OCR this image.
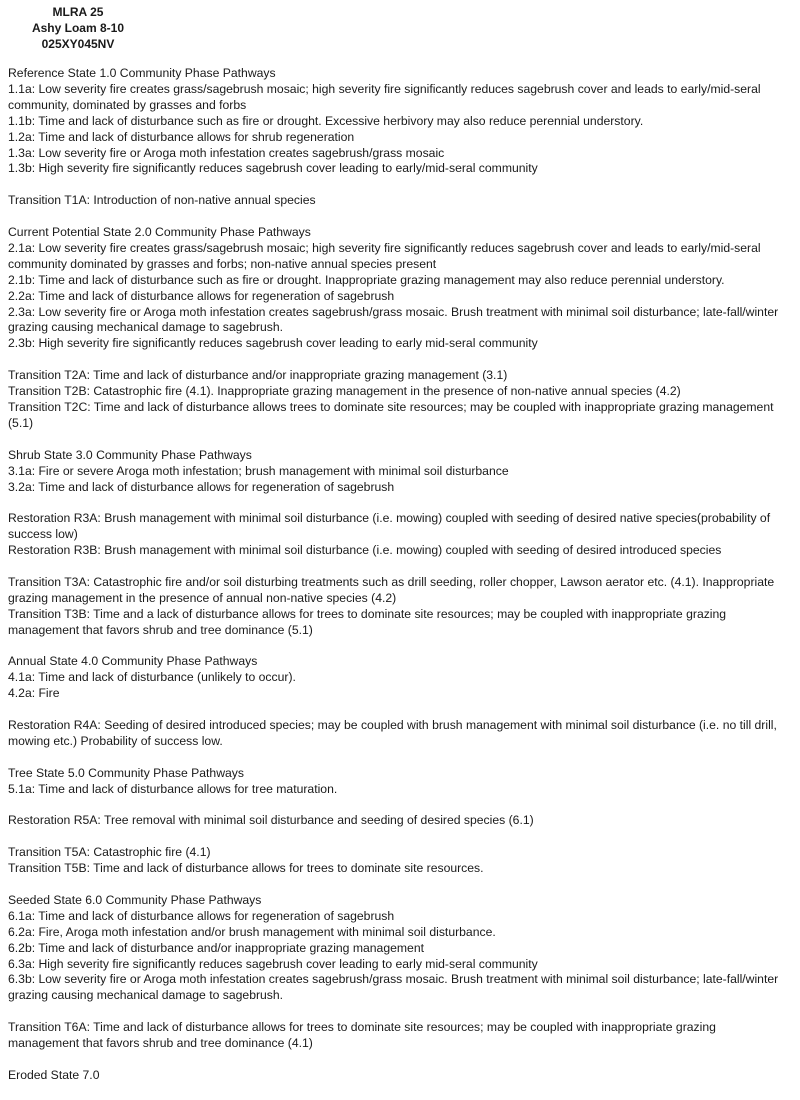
MLRA 25
Ashy Loam 8-10
025XY045NV
Reference State 1.0 Community Phase Pathways
1.1a: Low severity fire creates grass/sagebrush mosaic; high severity fire significantly reduces sagebrush cover and leads to early/mid-seral community, dominated by grasses and forbs
1.1b: Time and lack of disturbance such as fire or drought. Excessive herbivory may also reduce perennial understory.
1.2a: Time and lack of disturbance allows for shrub regeneration
1.3a: Low severity fire or Aroga moth infestation creates sagebrush/grass mosaic
1.3b: High severity fire significantly reduces sagebrush cover leading to early/mid-seral community
Transition T1A: Introduction of non-native annual species
Current Potential State 2.0 Community Phase Pathways
2.1a: Low severity fire creates grass/sagebrush mosaic; high severity fire significantly reduces sagebrush cover and leads to early/mid-seral community dominated by grasses and forbs; non-native annual species present
2.1b: Time and lack of disturbance such as fire or drought. Inappropriate grazing management may also reduce perennial understory.
2.2a: Time and lack of disturbance allows for regeneration of sagebrush
2.3a: Low severity fire or Aroga moth infestation creates sagebrush/grass mosaic. Brush treatment with minimal soil disturbance; late-fall/winter grazing causing mechanical damage to sagebrush.
2.3b: High severity fire significantly reduces sagebrush cover leading to early mid-seral community
Transition T2A: Time and lack of disturbance and/or inappropriate grazing management (3.1)
Transition T2B: Catastrophic fire (4.1). Inappropriate grazing management in the presence of non-native annual species (4.2)
Transition T2C: Time and lack of disturbance allows trees to dominate site resources; may be coupled with inappropriate grazing management (5.1)
Shrub State 3.0 Community Phase Pathways
3.1a: Fire or severe Aroga moth infestation; brush management with minimal soil disturbance
3.2a: Time and lack of disturbance allows for regeneration of sagebrush
Restoration R3A: Brush management with minimal soil disturbance (i.e. mowing) coupled with seeding of desired native species(probability of success low)
Restoration R3B: Brush management with minimal soil disturbance (i.e. mowing) coupled with seeding of desired introduced species
Transition T3A: Catastrophic fire and/or soil disturbing treatments such as drill seeding, roller chopper, Lawson aerator etc. (4.1). Inappropriate grazing management in the presence of annual non-native species (4.2)
Transition T3B: Time and a lack of disturbance allows for trees to dominate site resources; may be coupled with inappropriate grazing management that favors shrub and tree dominance (5.1)
Annual State 4.0 Community Phase Pathways
4.1a: Time and lack of disturbance (unlikely to occur).
4.2a: Fire
Restoration R4A: Seeding of desired introduced species; may be coupled with brush management with minimal soil disturbance (i.e. no till drill, mowing etc.) Probability of success low.
Tree State 5.0 Community Phase Pathways
5.1a: Time and lack of disturbance allows for tree maturation.
Restoration R5A: Tree removal with minimal soil disturbance and seeding of desired species (6.1)
Transition T5A: Catastrophic fire (4.1)
Transition T5B: Time and lack of disturbance allows for trees to dominate site resources.
Seeded State 6.0 Community Phase Pathways
6.1a: Time and lack of disturbance allows for regeneration of sagebrush
6.2a: Fire, Aroga moth infestation and/or brush management with minimal soil disturbance.
6.2b: Time and lack of disturbance and/or inappropriate grazing management
6.3a: High severity fire significantly reduces sagebrush cover leading to early mid-seral community
6.3b: Low severity fire or Aroga moth infestation creates sagebrush/grass mosaic. Brush treatment with minimal soil disturbance; late-fall/winter grazing causing mechanical damage to sagebrush.
Transition T6A: Time and lack of disturbance allows for trees to dominate site resources; may be coupled with inappropriate grazing management that favors shrub and tree dominance (4.1)
Eroded State 7.0
